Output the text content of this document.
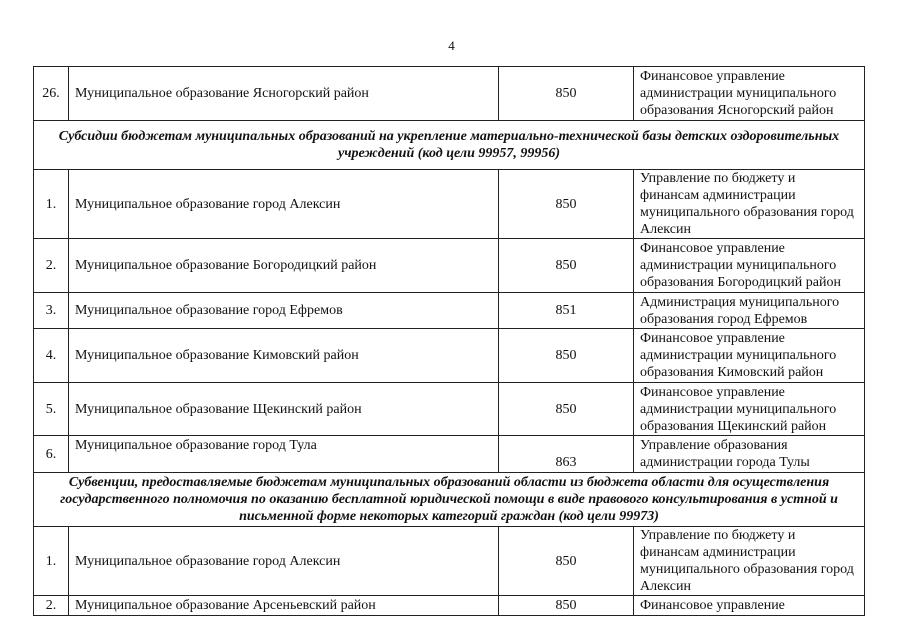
4
26.	Муниципальное образование Ясногорский район	850	Финансовое управление администрации муниципального образования Ясногорский район
Субсидии бюджетам муниципальных образований на укрепление материально-технической базы детских оздоровительных учреждений (код цели 99957, 99956)			
1.	Муниципальное образование город Алексин	850	Управление по бюджету и финансам администрации муниципального образования город Алексин
2.	Муниципальное образование Богородицкий район	850	Финансовое управление администрации муниципального образования Богородицкий район
3.	Муниципальное образование город Ефремов	851	Администрация муниципального образования город Ефремов
4.	Муниципальное образование Кимовский район	850	Финансовое управление администрации муниципального образования Кимовский район
5.	Муниципальное образование Щекинский район	850	Финансовое управление администрации муниципального образования Щекинский район
6.	Муниципальное образование город Тула	863	Управление образования администрации города Тулы
Субвенции, предоставляемые бюджетам муниципальных образований области из бюджета области для осуществления государственного полномочия по оказанию бесплатной юридической помощи в виде правового консультирования в устной и письменной форме некоторых категорий граждан (код цели 99973)			
1.	Муниципальное образование город Алексин	850	Управление по бюджету и финансам администрации муниципального образования город Алексин
2.	Муниципальное образование Арсеньевский район	850	Финансовое управление
